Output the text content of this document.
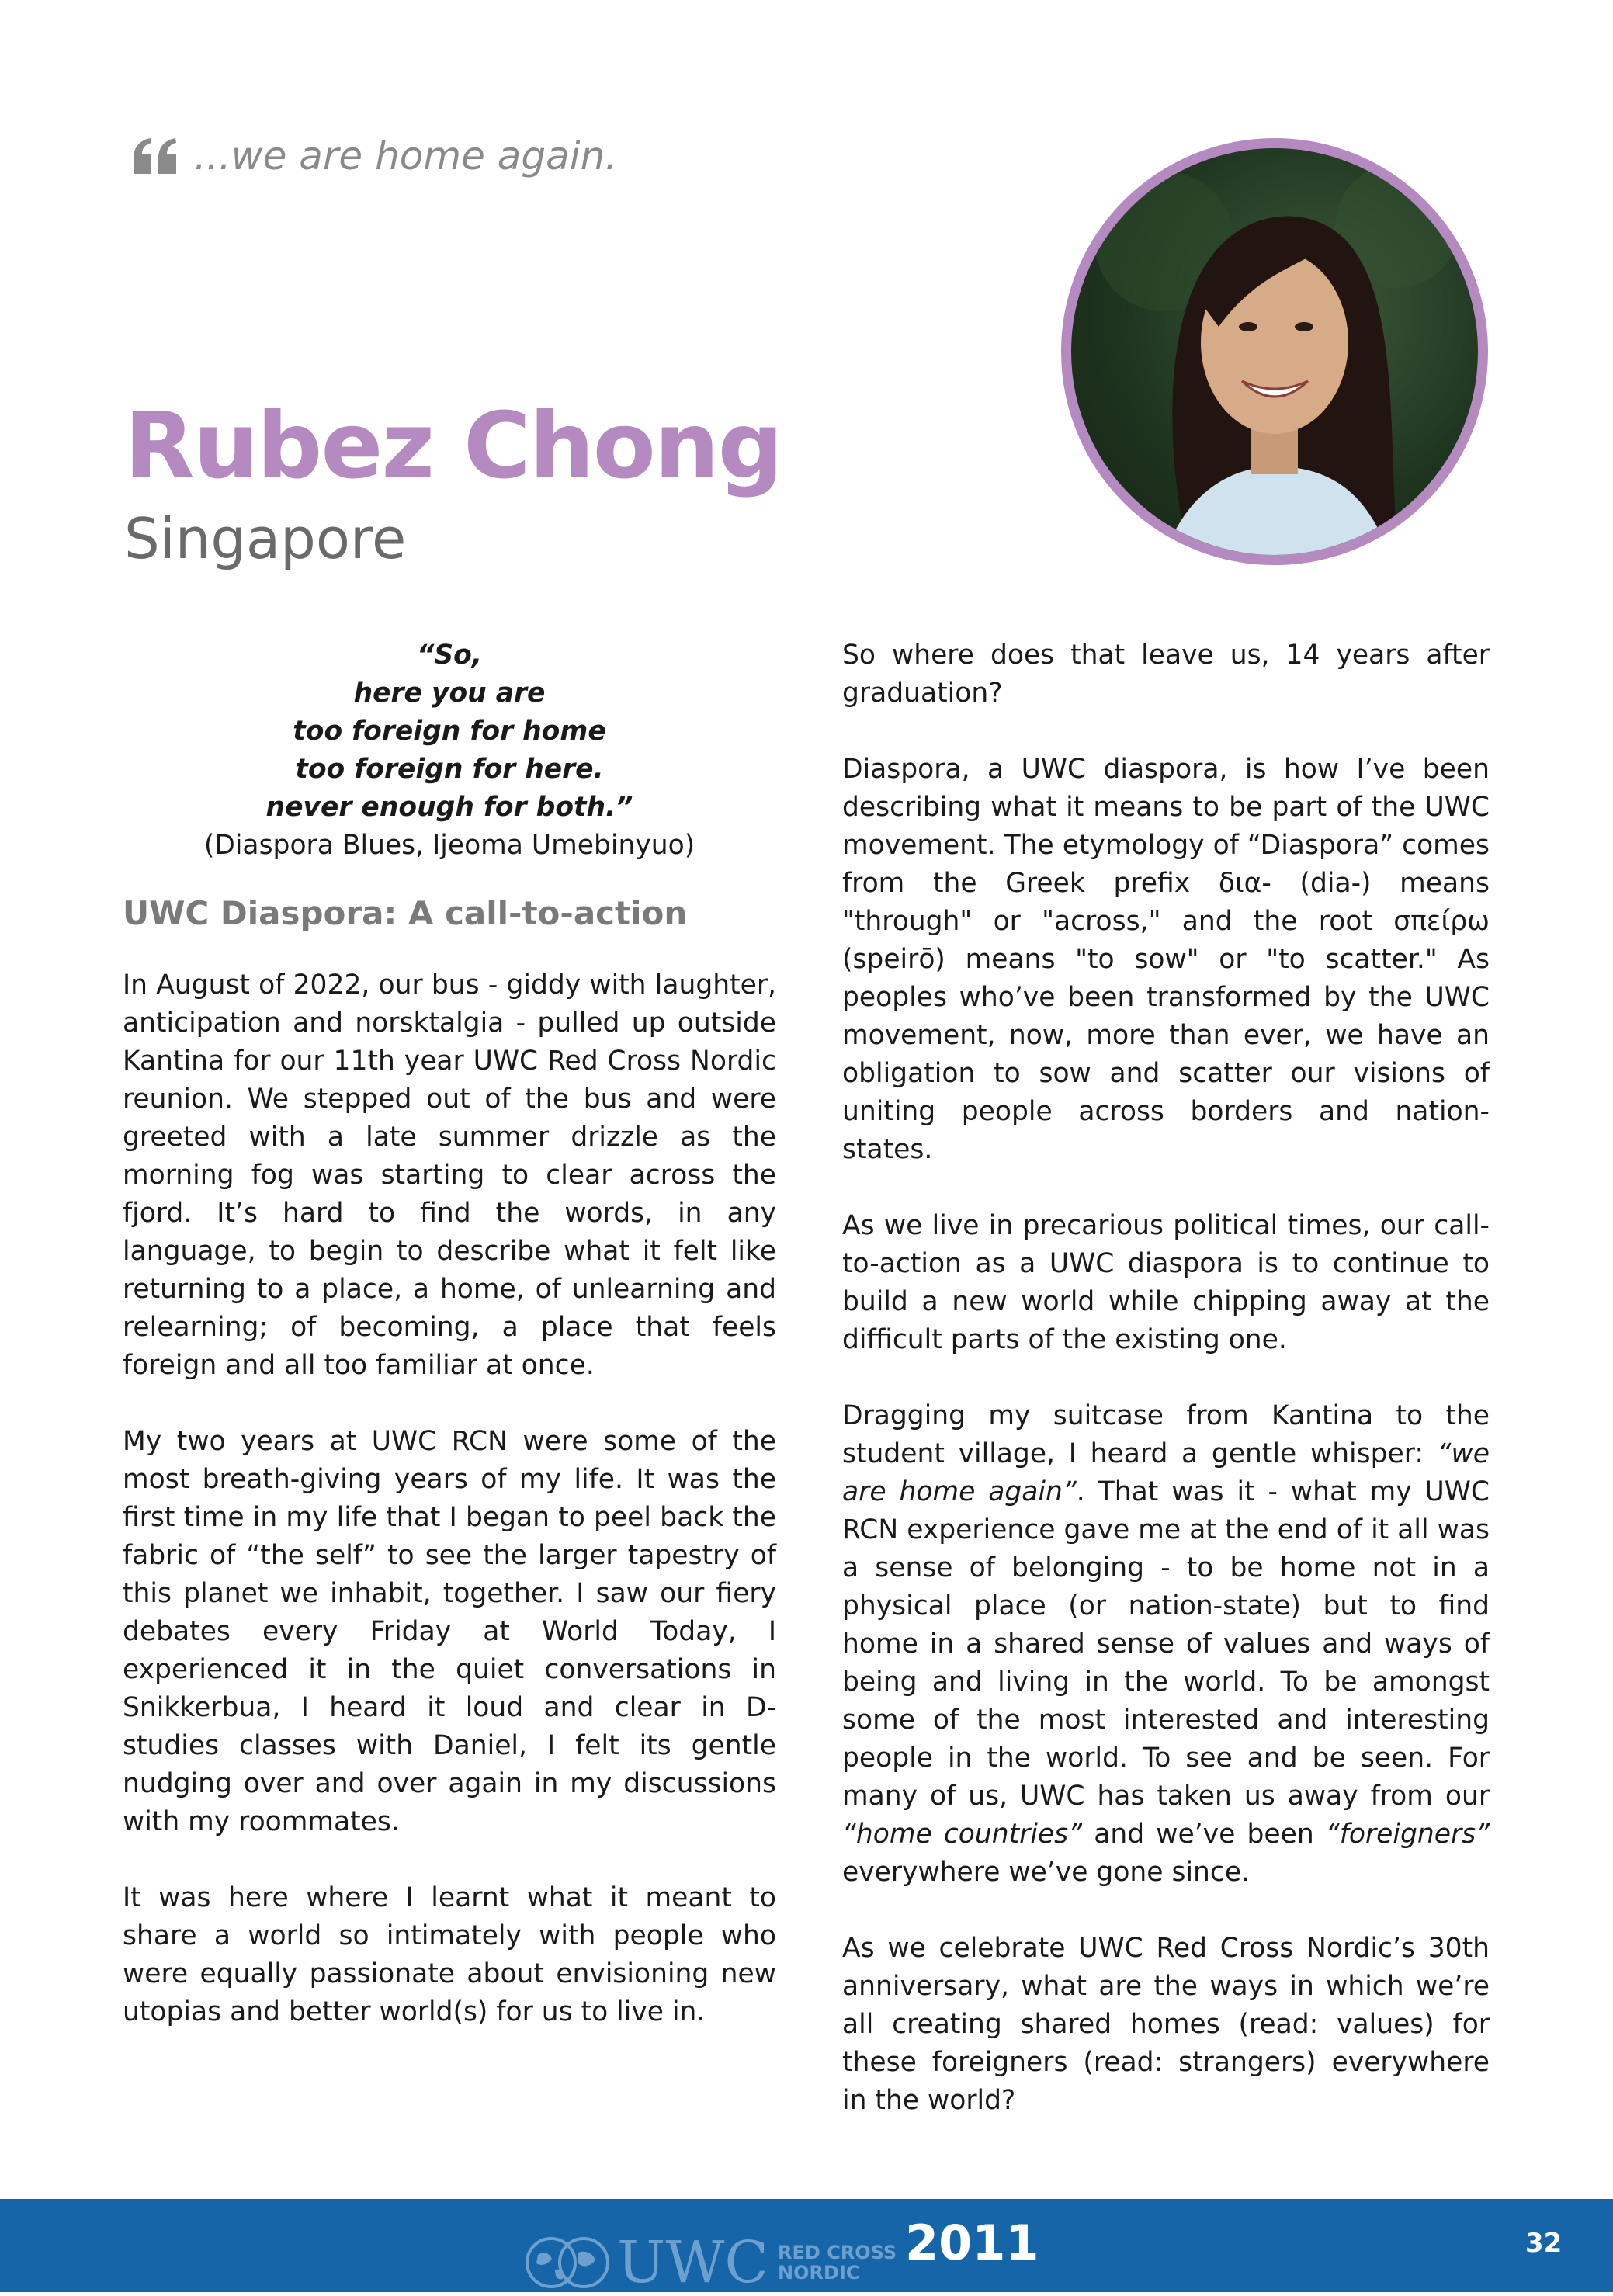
...we are home again.
Rubez Chong
Singapore
“So,
here you are
too foreign for home
too foreign for here.
never enough for both.”
(Diaspora Blues, Ijeoma Umebinyuo)
UWC Diaspora: A call-to-action

In August of 2022, our bus - giddy with laughter, anticipation and norsktalgia - pulled up outside Kantina for our 11th year UWC Red Cross Nordic reunion. We stepped out of the bus and were greeted with a late summer drizzle as the morning fog was starting to clear across the fjord. It’s hard to find the words, in any language, to begin to describe what it felt like returning to a place, a home, of unlearning and relearning; of becoming, a place that feels foreign and all too familiar at once.

My two years at UWC RCN were some of the most breath-giving years of my life. It was the first time in my life that I began to peel back the fabric of “the self” to see the larger tapestry of this planet we inhabit, together. I saw our fiery debates every Friday at World Today, I experienced it in the quiet conversations in Snikkerbua, I heard it loud and clear in D-studies classes with Daniel, I felt its gentle nudging over and over again in my discussions with my roommates.

It was here where I learnt what it meant to share a world so intimately with people who were equally passionate about envisioning new utopias and better world(s) for us to live in.

So where does that leave us, 14 years after graduation?

Diaspora, a UWC diaspora, is how I’ve been describing what it means to be part of the UWC movement. The etymology of “Diaspora” comes from the Greek prefix δια- (dia-) means "through" or "across," and the root σπείρω (speirō) means "to sow" or "to scatter." As peoples who’ve been transformed by the UWC movement, now, more than ever, we have an obligation to sow and scatter our visions of uniting people across borders and nation-states.

As we live in precarious political times, our call-to-action as a UWC diaspora is to continue to build a new world while chipping away at the difficult parts of the existing one.

Dragging my suitcase from Kantina to the student village, I heard a gentle whisper: “we are home again”. That was it - what my UWC RCN experience gave me at the end of it all was a sense of belonging - to be home not in a physical place (or nation-state) but to find home in a shared sense of values and ways of being and living in the world. To be amongst some of the most interested and interesting people in the world. To see and be seen. For many of us, UWC has taken us away from our “home countries” and we’ve been “foreigners” everywhere we’ve gone since.

As we celebrate UWC Red Cross Nordic’s 30th anniversary, what are the ways in which we’re all creating shared homes (read: values) for these foreigners (read: strangers) everywhere in the world?

UWC RED CROSS
NORDIC
2011	32
